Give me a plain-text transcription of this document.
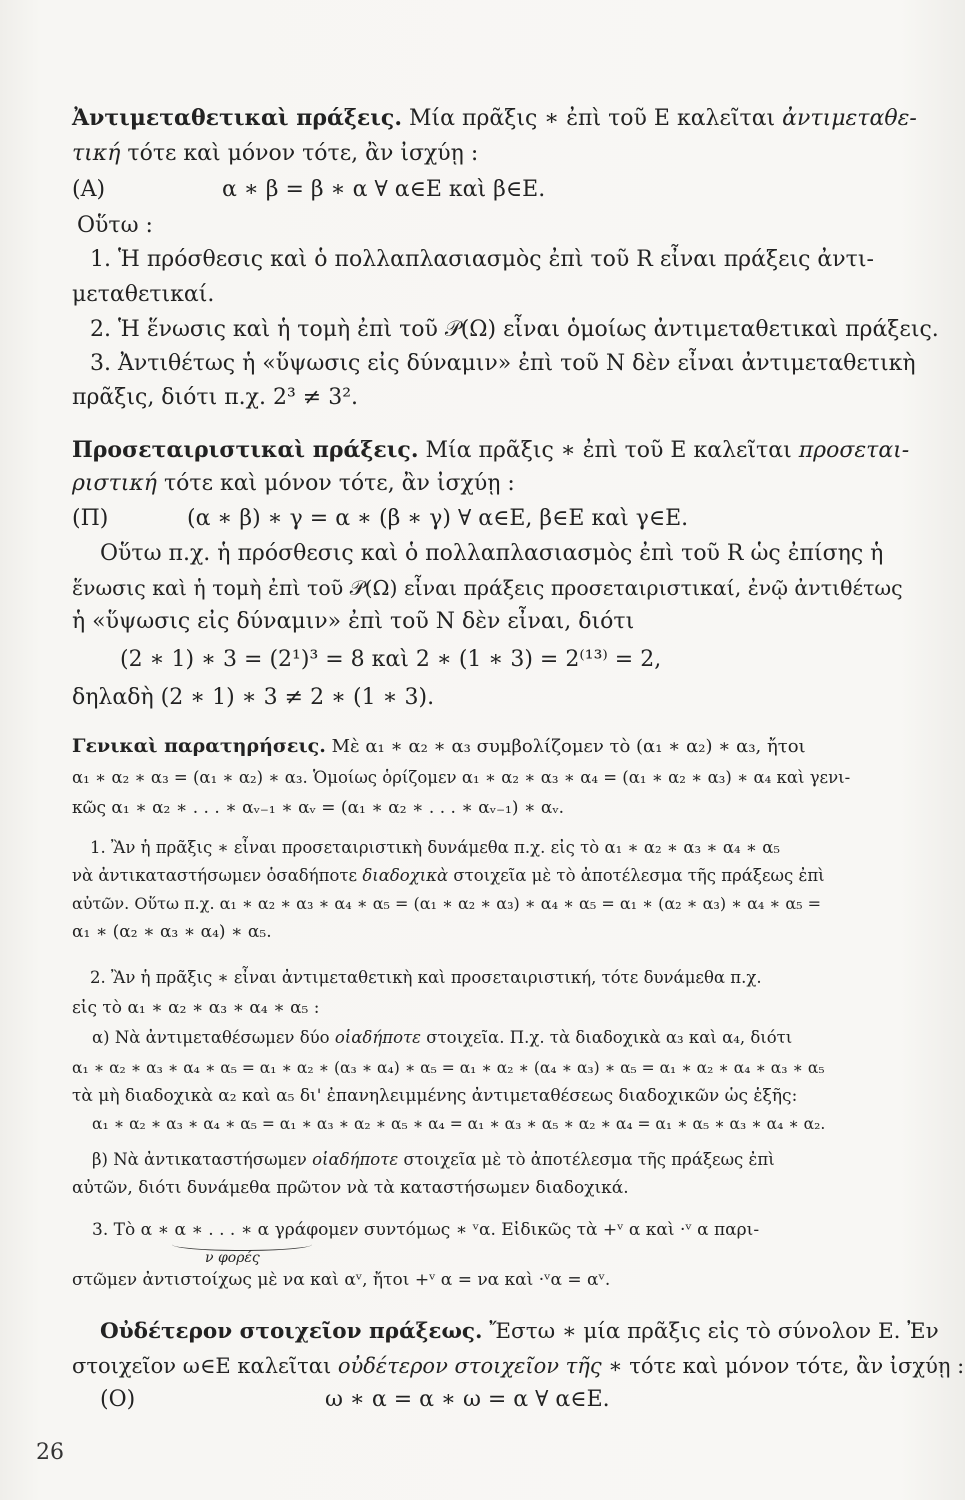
Ἀντιμεταθετικαὶ πράξεις. Μία πρᾶξις ∗ ἐπὶ τοῦ E καλεῖται ἀντιμεταθε-
τική τότε καὶ μόνον τότε, ἂν ἰσχύῃ :
(A)	α ∗ β = β ∗ α ∀ α∈E καὶ β∈E.
Οὕτω :
1. Ἡ πρόσθεσις καὶ ὁ πολλαπλασιασμὸς ἐπὶ τοῦ R εἶναι πράξεις ἀντι-
μεταθετικαί.
2. Ἡ ἕνωσις καὶ ἡ τομὴ ἐπὶ τοῦ 𝒫(Ω) εἶναι ὁμοίως ἀντιμεταθετικαὶ πράξεις.
3. Ἀντιθέτως ἡ «ὕψωσις εἰς δύναμιν» ἐπὶ τοῦ N δὲν εἶναι ἀντιμεταθετικὴ
πρᾶξις, διότι π.χ. 2³ ≠ 3².
Προσεταιριστικαὶ πράξεις. Μία πρᾶξις ∗ ἐπὶ τοῦ E καλεῖται προσεται-
ριστική τότε καὶ μόνον τότε, ἂν ἰσχύῃ :
(Π)	(α ∗ β) ∗ γ = α ∗ (β ∗ γ) ∀ α∈E, β∈E καὶ γ∈E.
Οὕτω π.χ. ἡ πρόσθεσις καὶ ὁ πολλαπλασιασμὸς ἐπὶ τοῦ R ὡς ἐπίσης ἡ
ἕνωσις καὶ ἡ τομὴ ἐπὶ τοῦ 𝒫(Ω) εἶναι πράξεις προσεταιριστικαί, ἐνῷ ἀντιθέτως
ἡ «ὕψωσις εἰς δύναμιν» ἐπὶ τοῦ N δὲν εἶναι, διότι
(2 ∗ 1) ∗ 3 = (2¹)³ = 8 καὶ 2 ∗ (1 ∗ 3) = 2⁽¹³⁾ = 2,
δηλαδὴ (2 ∗ 1) ∗ 3 ≠ 2 ∗ (1 ∗ 3).
Γενικαὶ παρατηρήσεις. Μὲ α₁ ∗ α₂ ∗ α₃ συμβολίζομεν τὸ (α₁ ∗ α₂) ∗ α₃, ἤτοι
α₁ ∗ α₂ ∗ α₃ = (α₁ ∗ α₂) ∗ α₃. Ὁμοίως ὁρίζομεν α₁ ∗ α₂ ∗ α₃ ∗ α₄ = (α₁ ∗ α₂ ∗ α₃) ∗ α₄ καὶ γενι-
κῶς α₁ ∗ α₂ ∗ . . . ∗ αᵥ₋₁ ∗ αᵥ = (α₁ ∗ α₂ ∗ . . . ∗ αᵥ₋₁) ∗ αᵥ.
1. Ἂν ἡ πρᾶξις ∗ εἶναι προσεταιριστικὴ δυνάμεθα π.χ. εἰς τὸ α₁ ∗ α₂ ∗ α₃ ∗ α₄ ∗ α₅
νὰ ἀντικαταστήσωμεν ὁσαδήποτε διαδοχικὰ στοιχεῖα μὲ τὸ ἀποτέλεσμα τῆς πράξεως ἐπὶ
αὐτῶν. Οὕτω π.χ. α₁ ∗ α₂ ∗ α₃ ∗ α₄ ∗ α₅ = (α₁ ∗ α₂ ∗ α₃) ∗ α₄ ∗ α₅ = α₁ ∗ (α₂ ∗ α₃) ∗ α₄ ∗ α₅ =
α₁ ∗ (α₂ ∗ α₃ ∗ α₄) ∗ α₅.
2. Ἂν ἡ πρᾶξις ∗ εἶναι ἀντιμεταθετικὴ καὶ προσεταιριστική, τότε δυνάμεθα π.χ.
εἰς τὸ α₁ ∗ α₂ ∗ α₃ ∗ α₄ ∗ α₅ :
α) Νὰ ἀντιμεταθέσωμεν δύο οἱαδήποτε στοιχεῖα. Π.χ. τὰ διαδοχικὰ α₃ καὶ α₄, διότι
α₁ ∗ α₂ ∗ α₃ ∗ α₄ ∗ α₅ = α₁ ∗ α₂ ∗ (α₃ ∗ α₄) ∗ α₅ = α₁ ∗ α₂ ∗ (α₄ ∗ α₃) ∗ α₅ = α₁ ∗ α₂ ∗ α₄ ∗ α₃ ∗ α₅
τὰ μὴ διαδοχικὰ α₂ καὶ α₅ δι' ἐπανηλειμμένης ἀντιμεταθέσεως διαδοχικῶν ὡς ἑξῆς:
α₁ ∗ α₂ ∗ α₃ ∗ α₄ ∗ α₅ = α₁ ∗ α₃ ∗ α₂ ∗ α₅ ∗ α₄ = α₁ ∗ α₃ ∗ α₅ ∗ α₂ ∗ α₄ = α₁ ∗ α₅ ∗ α₃ ∗ α₄ ∗ α₂.
β) Νὰ ἀντικαταστήσωμεν οἱαδήποτε στοιχεῖα μὲ τὸ ἀποτέλεσμα τῆς πράξεως ἐπὶ
αὐτῶν, διότι δυνάμεθα πρῶτον νὰ τὰ καταστήσωμεν διαδοχικά.
3. Τὸ α ∗ α ∗ . . . ∗ α γράφομεν συντόμως ∗ ᵛα. Εἰδικῶς τὰ +ᵛ α καὶ ·ᵛ α παρι-
ν φορές
στῶμεν ἀντιστοίχως μὲ να καὶ αᵛ, ἤτοι +ᵛ α = να καὶ ·ᵛα = αᵛ.
Οὐδέτερον στοιχεῖον πράξεως. Ἔστω ∗ μία πρᾶξις εἰς τὸ σύνολον E. Ἐν
στοιχεῖον ω∈E καλεῖται οὐδέτερον στοιχεῖον τῆς ∗ τότε καὶ μόνον τότε, ἂν ἰσχύῃ :
(O)	ω ∗ α = α ∗ ω = α ∀ α∈E.
26
